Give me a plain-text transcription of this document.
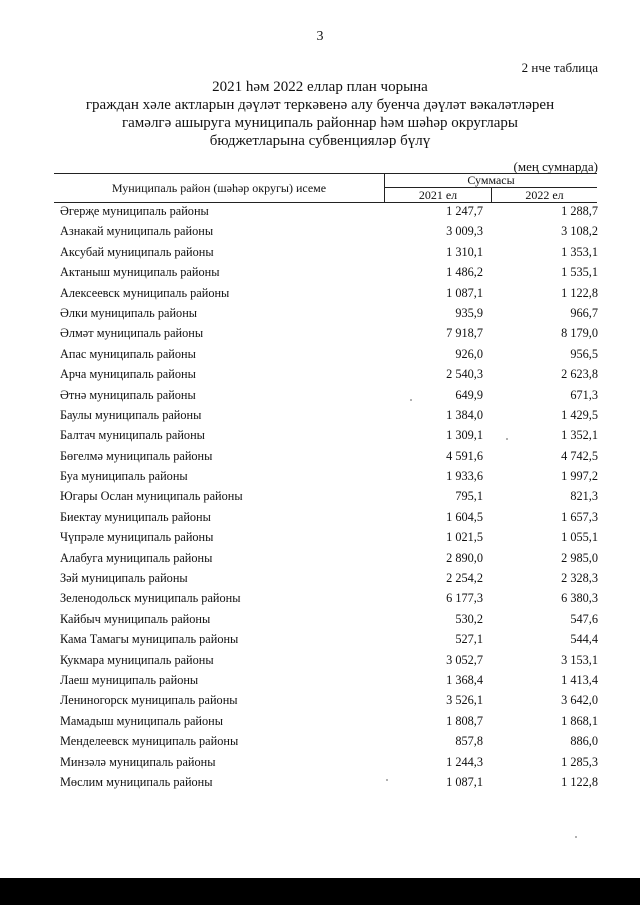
3
2 нче таблица
2021 һәм 2022 еллар план чорына
граждан хәле актларын дәүләт теркәвенә алу буенча дәүләт вәкаләтләрен
гамәлгә ашыруга муниципаль районнар һәм шәһәр округлары
бюджетларына субвенцияләр бүлү
(мең сумнарда)
Муниципаль район (шәһәр округы) исеме
Суммасы
2021 ел	2022 ел
Әгерҗе муниципаль районы	1 247,7	1 288,7
Азнакай муниципаль районы	3 009,3	3 108,2
Аксубай муниципаль районы	1 310,1	1 353,1
Актаныш муниципаль районы	1 486,2	1 535,1
Алексеевск муниципаль районы	1 087,1	1 122,8
Әлки муниципаль районы	935,9	966,7
Әлмәт муниципаль районы	7 918,7	8 179,0
Апас муниципаль районы	926,0	956,5
Арча муниципаль районы	2 540,3	2 623,8
Әтнә муниципаль районы	649,9	671,3
Баулы муниципаль районы	1 384,0	1 429,5
Балтач муниципаль районы	1 309,1	1 352,1
Бөгелмә муниципаль районы	4 591,6	4 742,5
Буа муниципаль районы	1 933,6	1 997,2
Югары Ослан муниципаль районы	795,1	821,3
Биектау муниципаль районы	1 604,5	1 657,3
Чүпрәле муниципаль районы	1 021,5	1 055,1
Алабуга муниципаль районы	2 890,0	2 985,0
Зәй муниципаль районы	2 254,2	2 328,3
Зеленодольск муниципаль районы	6 177,3	6 380,3
Кайбыч муниципаль районы	530,2	547,6
Кама Тамагы муниципаль районы	527,1	544,4
Кукмара муниципаль районы	3 052,7	3 153,1
Лаеш муниципаль районы	1 368,4	1 413,4
Лениногорск муниципаль районы	3 526,1	3 642,0
Мамадыш муниципаль районы	1 808,7	1 868,1
Менделеевск муниципаль районы	857,8	886,0
Минзәлә муниципаль районы	1 244,3	1 285,3
Мөслим муниципаль районы	1 087,1	1 122,8
